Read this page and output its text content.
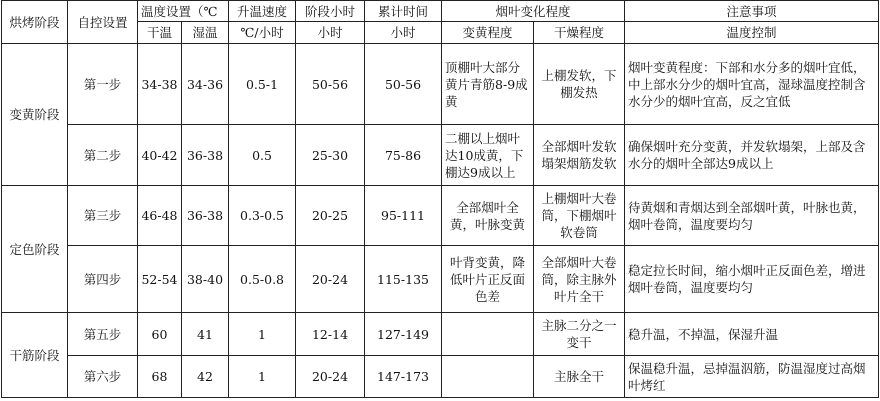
烘烤阶段	自控设置	温度设置（℃		升温速度	阶段小时	累计时间	烟叶变化程度		注意事项
		干温	湿温	℃/小时	小时	小时	变黄程度	干燥程度	温度控制
变黄阶段	第一步	34-38	34-36	0.5-1	50-56	50-56	顶棚叶大部分黄片青筋8-9成黄	上棚发软，下棚发热	烟叶变黄程度：下部和水分多的烟叶宜低，中上部水分少的烟叶宜高，湿球温度控制含水分少的烟叶宜高，反之宜低
	第二步	40-42	36-38	0.5	25-30	75-86	二棚以上烟叶达10成黄，下棚达9成以上	全部烟叶发软塌架烟筋发软	确保烟叶充分变黄，并发软塌架，上部及含水分的烟叶全部达9成以上
定色阶段	第三步	46-48	36-38	0.3-0.5	20-25	95-111	全部烟叶全黄，叶脉变黄	上棚烟叶大卷筒，下棚烟叶软卷筒	待黄烟和青烟达到全部烟叶黄，叶脉也黄，烟叶卷筒，温度要均匀
	第四步	52-54	38-40	0.5-0.8	20-24	115-135	叶背变黄，降低叶片正反面色差	全部烟叶大卷筒，除主脉外叶片全干	稳定拉长时间，缩小烟叶正反面色差，增进烟叶卷筒，温度要均匀
干筋阶段	第五步	60	41	1	12-14	127-149		主脉二分之一变干	稳升温，不掉温，保湿升温
	第六步	68	42	1	20-24	147-173		主脉全干	保温稳升温，忌掉温泅筋，防温湿度过高烟叶烤红
